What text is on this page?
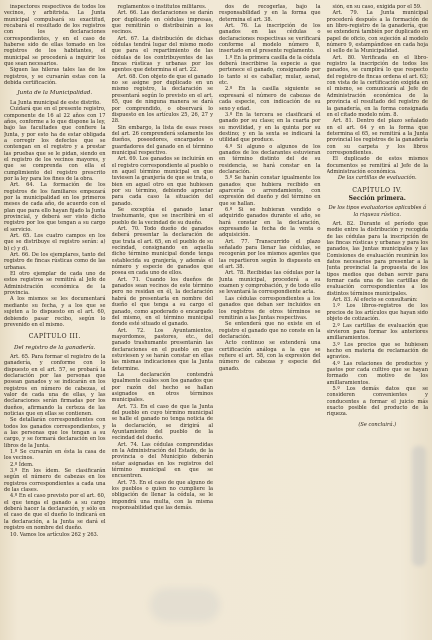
inspectores respectivos de todos los vecinos, y arbitrista. La Junta municipal compulsará su exactitud, recabará el resultado de los registros con los declaraciones correspondientes, y en el caso de haberse sido de ellas tomado en los registros de los habitantes, el municipal se procederá a inquirir los que sean necesarios.

Siguen las hileras tales las de los registros, y se cursarán estas con la debida certificación.

Junta de la Municipalidad.

La Junta municipal de este distrito.

Cuidará que en el presente registro, componente de 16 al 22 años con 17 años, conforme a lo que dispone la ley, bajo las facultades que confiere la Junta, y por esto ha de estar obligada a corregir los defectos que se contengan en el registro y a prestar las pruebas que se le pidan, siendo en el registro de los vecinos mayores, y que se comprenda con ella el cumplimiento del registro prescrito por la ley para los fines de la obra.

Art. 64. La formación de los registros de los familiares empezará por la municipalidad en los primeros meses de cada año, de acuerdo con el plan que para ello hayan fijado la Junta provincial, y deberá ser visto dicho registro por los que tengan a su cargo el servicio.

Art. 65. Los cuatro campos en los que se distribuye el registro serán: a) b) c) y d).

Art. 66. De los ejemplares, tanto del registro de fincas rústicas como de las urbanas.

El otro ejemplar de cada uno de estos registros se remitirá al Jefe de Administración económica de la provincia.

A los mismos se les documentará mediante su fecha, y a los que se sujeten a lo dispuesto en el art. 60, debiendo pasar recibo, según lo prevenido en el mismo.

CAPÍTULO III.
Del registro de la ganadería.

Art. 65. Para formar el registro de la ganadería, y conforme con lo dispuesto en el art. 57, se probará la declaración por las personas que posean ganados y se indicarán en los registros en número de cabezas, el valor de cada una de ellas, y las declaraciones serán firmadas por los dueños, afirmando la certeza de las noticias que en ellas se contienen.

Se detallarán correspondientes con todos los ganados correspondientes, y a las personas que los tengan a su cargo, y se formará declaración en los libros de la Junta.

1.º Se cursarán en ésta la casa de los vecinos.

2.º Ídem.

3.º En los ídem. Se clasificarán según el número de cabezas en los registros correspondientes a cada una de las clases.

4.º En el caso previsto por el art. 60, el que tenga el ganado a su cargo deberá hacer la declaración, y sólo en el caso de que el dueño lo indicará en la declaración, a la Junta se dará el registro en nombre del dueño.

10. Vamos los artículos 262 y 263.

reglamentos o institutos militares.

Art. 66. Las declaraciones se darán por duplicado en cédulas impresas, que remitirán o distribuirán a los vecinos.

Art. 67. La distribución de dichas cédulas tendrá lugar del mismo modo que para el repartimiento de las cédulas de los contribuyentes de las fincas rústicas y urbanas por los agentes que determina el art. 22.

Art. 68. Con objeto de que el ganado no se asigne por duplicado en un mismo registro, la declaración se presentará según lo previsto en el art. 65, que de ninguna manera se dará por comprendido, o observará lo dispuesto en los artículos 25, 26, 27 y 28.

Sin embargo, la lista de esas reses del art. 26 comprenderá solamente los dueños, poseedores, encargados o guardadores del ganado en el término municipal respectivo.

Art. 69. Los ganados se incluirán en el registro correspondiente al pueblo o en aquel término municipal en que tuviesen la granjería de que se trata, o bien en aquel otro en que hubiesen por su término, debiendo apreciar para cada caso la situación del ganado.

Se exceptúa el ganado lanar trashumante, que se inscribirá en el pueblo de la vecindad de su dueño.

Art. 70. Todo dueño de ganados deberá presentar la declaración de que trata el art. 65, en el pueblo de su vecindad, consignando en aquella dicho término municipal donde tenga establecida su granjería, y además el número y especie de ganados que posea en cada uno de ellos.

Art. 71. Cuando los dueños de ganados sean vecinos de este término pero no residan en él, la declaración habrá de presentarla en nombre del dueño el que tenga a su cargo el ganado, como apoderado o encargado del mismo, en el término municipal donde esté situado el ganado.

Art. 72. Los Ayuntamientos, mayordomos, pastores, etc., del ganado trashumante presentarán las declaraciones en el pueblo en que estuviesen y se harán constar en ellas las mismas indicaciones que la Junta determine.

La declaración contendrá igualmente cuáles son los ganados que por razón del hecho se hallan asignados en otros términos municipales.

Art. 73. En el caso de que la Junta del pueblo en cuyo término municipal se halle el ganado no tenga noticia de la declaración, se dirigirá al Ayuntamiento del pueblo de la vecindad del dueño.

Art. 74. Las cédulas comprendidas en la Administración del Estado, de la provincia o del Municipio deberán estar asignadas en los registros del término municipal en que se encuentren.

Art. 75. En el caso de que alguno de los pueblos o quien no cumpliere la obligación de llenar la cédula, se le impondrá una multa, con la misma responsabilidad que las demás.

dos de recogerlas, bajo la responsabilidad y en la forma que determina el art. 38.

Art. 76. La inscripción de los ganados en las cédulas o declaraciones respectivas se verificará conforme al modelo número 8, insertado en el presente reglamento.

1.º En la primera casilla de la cédula deberá inscribirse la especie a que pertenece el ganado, consignando por lo tanto si es caballar, mular, asnal, etc.

2.º En la casilla siguiente se expresará el número de cabezas de cada especie, con indicación de su sexo y edad.

3.º En la tercera se clasificará el ganado por su clase; en la cuarta por su movilidad, y en la quinta por su destino; y en la sexta se indicará la utilidad que produce.

4.º Si alguno o algunos de los ganados de los declarantes estuvieran en término distinto del de su residencia, se hará constar en la declaración.

5.º Se harán constar igualmente los ganados que hubiera recibido en aparcería o arrendamiento, con expresión del dueño y del término en que se hallan.

6.º Si se hubieran vendido o adquirido ganados durante el año, se hará constar en la declaración, expresando la fecha de la venta o adquisición.

Art. 77. Transcurrido el plazo señalado para llenar las cédulas, se recogerán por los mismos agentes que las repartieron según lo dispuesto en el art. 38.

Art. 78. Recibidas las cédulas por la Junta municipal, procederá a su examen y comprobación, y de todo ello se levantará la correspondiente acta.

Las cédulas correspondientes a los ganados que deban ser incluidos en los registros de otros términos se remitirán a las Juntas respectivas.

Se entenderá que no existe en el registro el ganado que no conste en la declaración.

Acto continuo se extenderá una certificación análoga a la que se refiere el art. 58, con la expresión del número de cabezas y especie del ganado.

sión, en su caso, exigida por el 59.

Art. 79. La Junta municipal procederá después a la formación de un libro-registro de la ganadería, que se extenderá también por duplicado en papel de oficio, con sujeción al modelo número 9, estampándose en cada hoja el sello de la Municipalidad.

Art. 80. Verificada en el libro-registro la inscripción de todos los ganados, se cumplirá lo que respecto del registro de fincas ordena el art. 63; con vista de la certificación exigida en el mismo, se comunicará al Jefe de Administración económica de la provincia el resultado del registro de la ganadería, en la forma consignada en el citado modelo núm. 8.

Art. 81. Dentro del plazo señalado en el art. 64 y en la forma que determina el 65, se remitirá a la Junta provincial los registros de la ganadería con su carpeta y los libros correspondientes.

El duplicado de estos mismos documentos se remitirá al Jefe de la Administración económica.

De las cartillas de evaluación.
CAPÍTULO IV.
Sección primera.
De los tipos evaluatorios aplicables á la riqueza rústica.

Art. 82. Durante el período que medie entre la distribución y recogida de las cédulas para la inscripción de las fincas rústicas y urbanas y para los ganados, las Juntas municipales y las Comisiones de evaluación reunirán los datos necesarios para presentar a la Junta provincial la propuesta de los tipos medios que deban servir para formar cada una de las cartillas de evaluación correspondientes a los distintos términos municipales.

Art. 83. Al efecto se consultarán:

1.º Los libros-registros de los precios de los artículos que hayan sido objeto de cotización.

2.º Las cartillas de evaluación que sirvieron para formar los anteriores amillaramientos.

3.º Los precios que se hubiesen hecho en materia de reclamación de agravios.

4.º Las relaciones de productos y gastos por cada cultivo que se hayan formado con motivo de los amillaramientos.

5.º Los demás datos que se consideren convenientes y conducentes a formar el juicio más exacto posible del producto de la riqueza.

(Se concluirá.)
